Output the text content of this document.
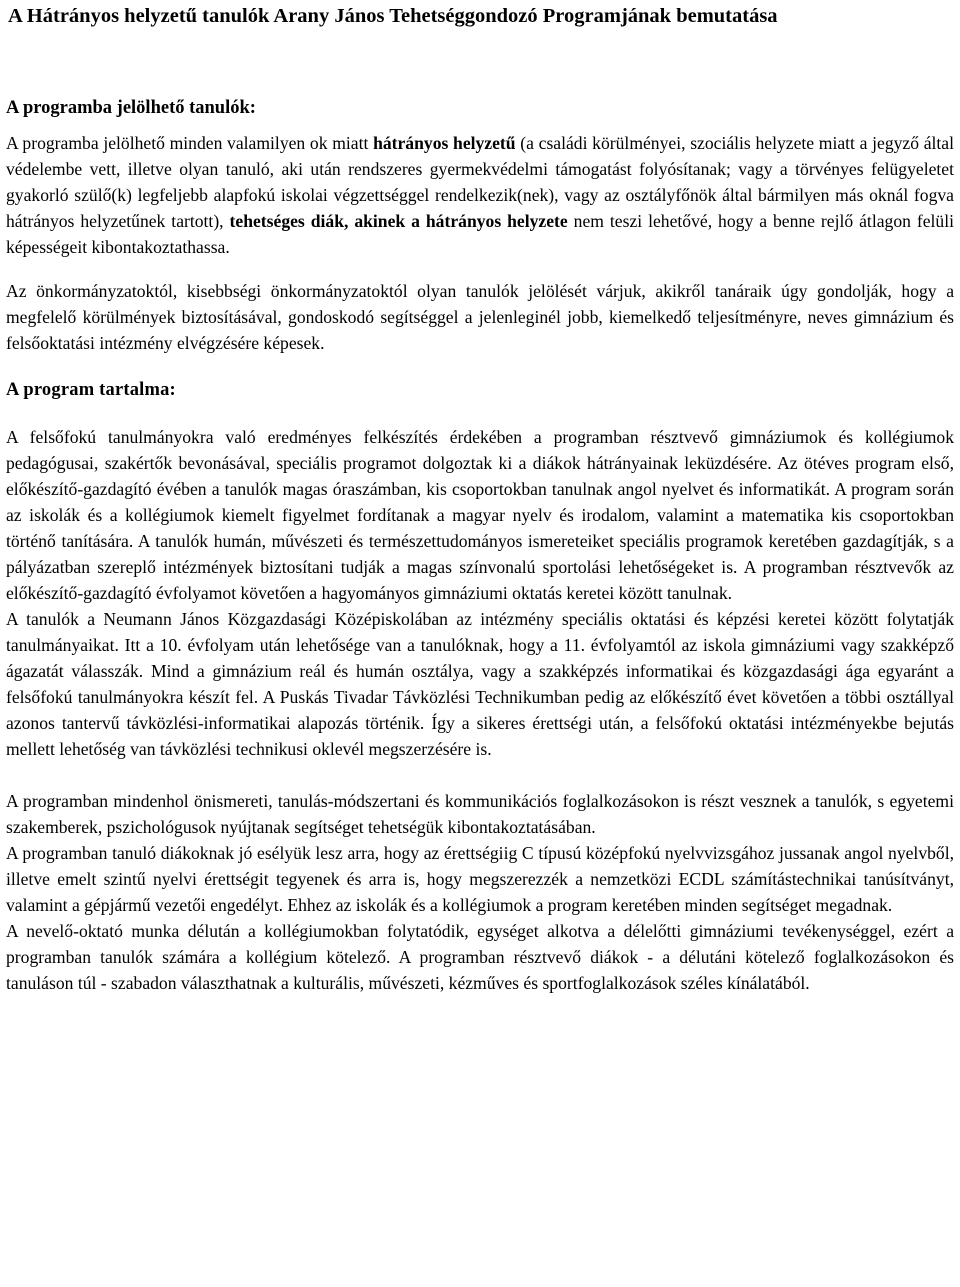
A Hátrányos helyzetű tanulók Arany János Tehetséggondozó Programjának bemutatása
A programba jelölhető tanulók:

A programba jelölhető minden valamilyen ok miatt hátrányos helyzetű (a családi körülményei, szociális helyzete miatt a jegyző által védelembe vett, illetve olyan tanuló, aki után rendszeres gyermekvédelmi támogatást folyósítanak; vagy a törvényes felügyeletet gyakorló szülő(k) legfeljebb alapfokú iskolai végzettséggel rendelkezik(nek), vagy az osztályfőnök által bármilyen más oknál fogva hátrányos helyzetűnek tartott), tehetséges diák, akinek a hátrányos helyzete nem teszi lehetővé, hogy a benne rejlő átlagon felüli képességeit kibontakoztathassa.

Az önkormányzatoktól, kisebbségi önkormányzatoktól olyan tanulók jelölését várjuk, akikről tanáraik úgy gondolják, hogy a megfelelő körülmények biztosításával, gondoskodó segítséggel a jelenleginél jobb, kiemelkedő teljesítményre, neves gimnázium és felsőoktatási intézmény elvégzésére képesek.

A program tartalma:

A felsőfokú tanulmányokra való eredményes felkészítés érdekében a programban résztvevő gimnáziumok és kollégiumok pedagógusai, szakértők bevonásával, speciális programot dolgoztak ki a diákok hátrányainak leküzdésére. Az ötéves program első, előkészítő-gazdagító évében a tanulók magas óraszámban, kis csoportokban tanulnak angol nyelvet és informatikát. A program során az iskolák és a kollégiumok kiemelt figyelmet fordítanak a magyar nyelv és irodalom, valamint a matematika kis csoportokban történő tanítására. A tanulók humán, művészeti és természettudományos ismereteiket speciális programok keretében gazdagítják, s a pályázatban szereplő intézmények biztosítani tudják a magas színvonalú sportolási lehetőségeket is. A programban résztvevők az előkészítő-gazdagító évfolyamot követően a hagyományos gimnáziumi oktatás keretei között tanulnak.

A tanulók a Neumann János Közgazdasági Középiskolában az intézmény speciális oktatási és képzési keretei között folytatják tanulmányaikat. Itt a 10. évfolyam után lehetősége van a tanulóknak, hogy a 11. évfolyamtól az iskola gimnáziumi vagy szakképző ágazatát válasszák. Mind a gimnázium reál és humán osztálya, vagy a szakképzés informatikai és közgazdasági ága egyaránt a felsőfokú tanulmányokra készít fel. A Puskás Tivadar Távközlési Technikumban pedig az előkészítő évet követően a többi osztállyal azonos tantervű távközlési-informatikai alapozás történik. Így a sikeres érettségi után, a felsőfokú oktatási intézményekbe bejutás mellett lehetőség van távközlési technikusi oklevél megszerzésére is.

A programban mindenhol önismereti, tanulás-módszertani és kommunikációs foglalkozásokon is részt vesznek a tanulók, s egyetemi szakemberek, pszichológusok nyújtanak segítséget tehetségük kibontakoztatásában.

A programban tanuló diákoknak jó esélyük lesz arra, hogy az érettségiig C típusú középfokú nyelvvizsgához jussanak angol nyelvből, illetve emelt szintű nyelvi érettségit tegyenek és arra is, hogy megszerezzék a nemzetközi ECDL számítástechnikai tanúsítványt, valamint a gépjármű vezetői engedélyt. Ehhez az iskolák és a kollégiumok a program keretében minden segítséget megadnak.

A nevelő-oktató munka délután a kollégiumokban folytatódik, egységet alkotva a délelőtti gimnáziumi tevékenységgel, ezért a programban tanulók számára a kollégium kötelező. A programban résztvevő diákok - a délutáni kötelező foglalkozásokon és tanuláson túl - szabadon választhatnak a kulturális, művészeti, kézműves és sportfoglalkozások széles kínálatából.
